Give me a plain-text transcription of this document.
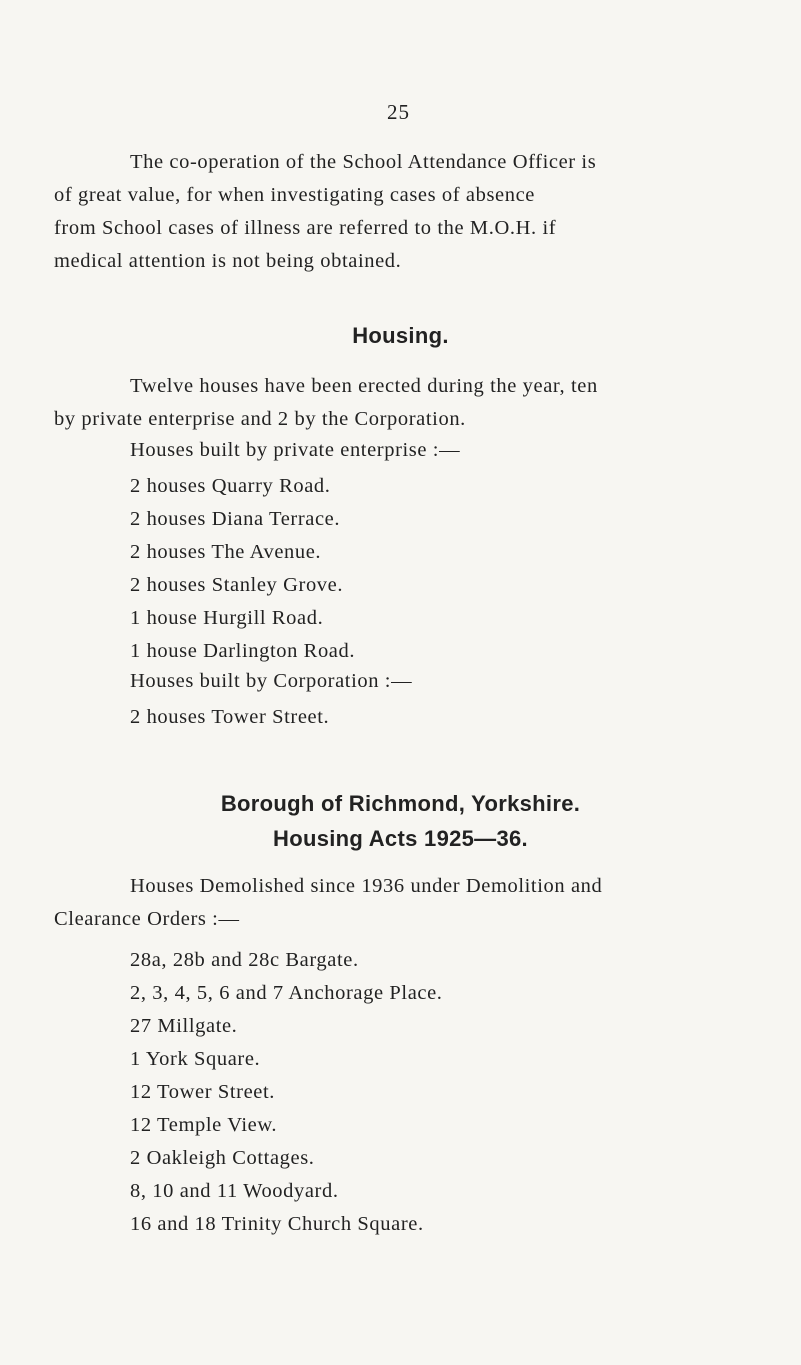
25

The co-operation of the School Attendance Officer is
of great value, for when investigating cases of absence
from School cases of illness are referred to the M.O.H. if
medical attention is not being obtained.

Housing.

Twelve houses have been erected during the year, ten
by private enterprise and 2 by the Corporation.

Houses built by private enterprise :—
2 houses Quarry Road.
2 houses Diana Terrace.
2 houses The Avenue.
2 houses Stanley Grove.
1 house Hurgill Road.
1 house Darlington Road.
Houses built by Corporation :—
2 houses Tower Street.
Borough of Richmond, Yorkshire.
Housing Acts 1925—36.

Houses Demolished since 1936 under Demolition and
Clearance Orders :—

28a, 28b and 28c Bargate.
2, 3, 4, 5, 6 and 7 Anchorage Place.
27 Millgate.
1 York Square.
12 Tower Street.
12 Temple View.
2 Oakleigh Cottages.
8, 10 and 11 Woodyard.
16 and 18 Trinity Church Square.
